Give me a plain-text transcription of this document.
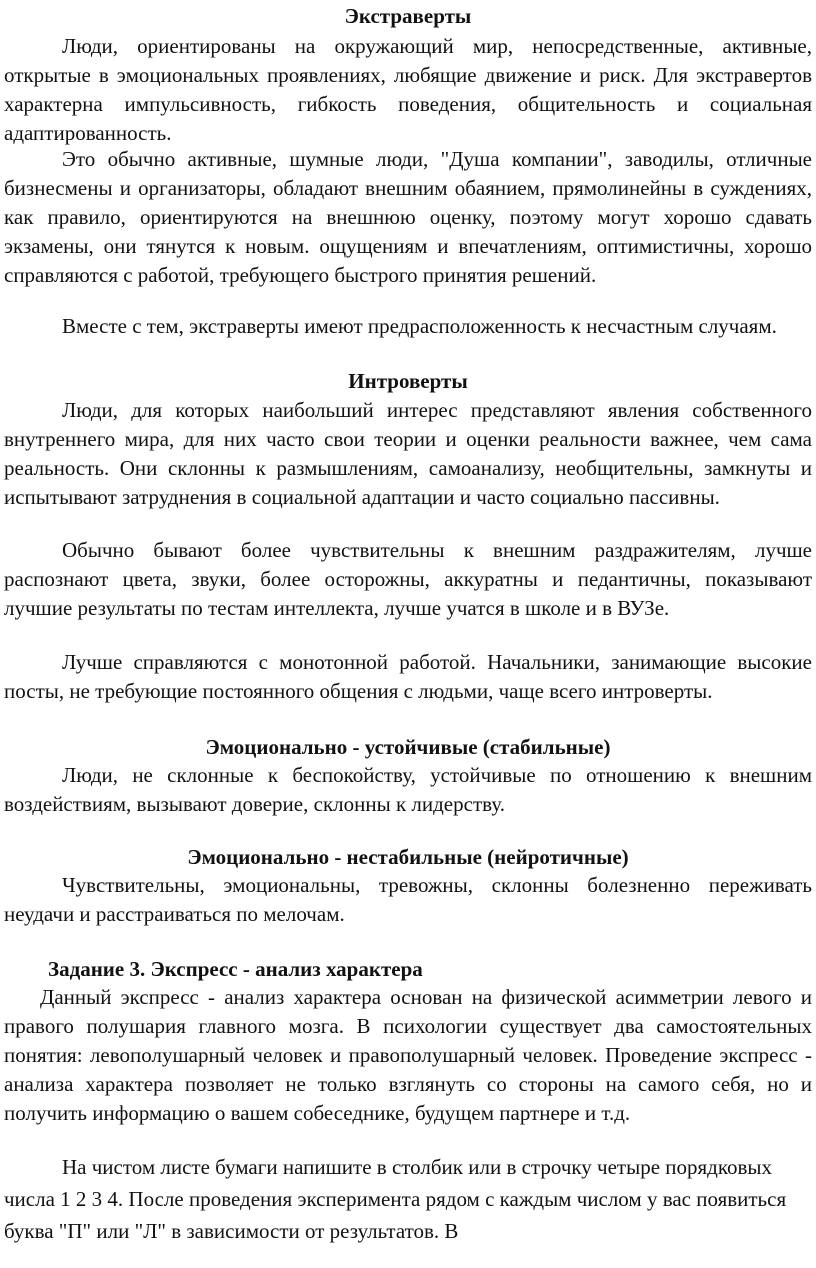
Экстраверты

Люди, ориентированы на окружающий мир, непосредственные, активные, открытые в эмоциональных проявлениях, любящие движение и риск. Для экстравертов характерна импульсивность, гибкость поведения, общительность и социальная адаптированность.

Это обычно активные, шумные люди, "Душа компании", заводилы, отличные бизнесмены и организаторы, обладают внешним обаянием, прямолинейны в суждениях, как правило, ориентируются на внешнюю оценку, поэтому могут хорошо сдавать экзамены, они тянутся к новым. ощущениям и впечатлениям, оптимистичны, хорошо справляются с работой, требующего быстрого принятия решений.

Вместе с тем, экстраверты имеют предрасположенность к несчастным случаям.

Интроверты

Люди, для которых наибольший интерес представляют явления собственного внутреннего мира, для них часто свои теории и оценки реальности важнее, чем сама реальность. Они склонны к размышлениям, самоанализу, необщительны, замкнуты и испытывают затруднения в социальной адаптации и часто социально пассивны.

Обычно бывают более чувствительны к внешним раздражителям, лучше распознают цвета, звуки, более осторожны, аккуратны и педантичны, показывают лучшие результаты по тестам интеллекта, лучше учатся в школе и в ВУЗе.

Лучше справляются с монотонной работой. Начальники, занимающие высокие посты, не требующие постоянного общения с людьми, чаще всего интроверты.

Эмоционально - устойчивые (стабильные)

Люди, не склонные к беспокойству, устойчивые по отношению к внешним воздействиям, вызывают доверие, склонны к лидерству.

Эмоционально - нестабильные (нейротичные)

Чувствительны, эмоциональны, тревожны, склонны болезненно переживать неудачи и расстраиваться по мелочам.

Задание 3. Экспресс - анализ характера

Данный экспресс - анализ характера основан на физической асимметрии левого и правого полушария главного мозга. В психологии существует два самостоятельных понятия: левополушарный человек и правополушарный человек. Проведение экспресс - анализа характера позволяет не только взглянуть со стороны на самого себя, но и получить информацию о вашем собеседнике, будущем партнере и т.д.

На чистом листе бумаги напишите в столбик или в строчку четыре порядковых числа 1 2 3 4. После проведения эксперимента рядом с каждым числом у вас появиться буква "П" или "Л" в зависимости от результатов. В
